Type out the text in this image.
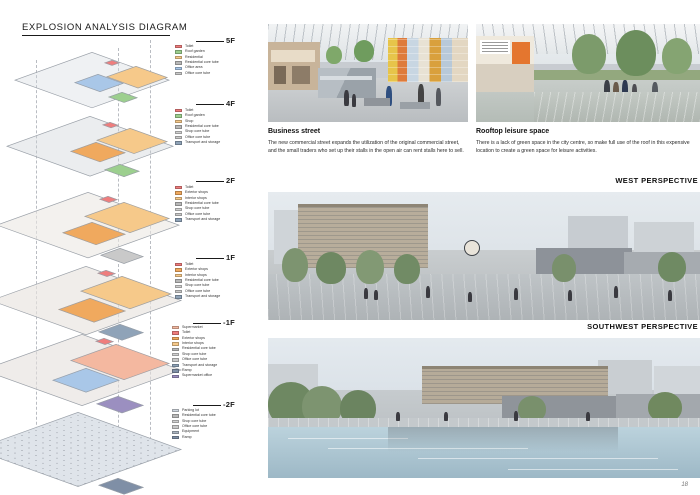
EXPLOSION ANALYSIS DIAGRAM
5F
4F
2F
1F
-1F
-2F
Toilet
Roof garden
Residential
Residential core tube
Office area
Office core tube
Toilet
Roof garden
Shop
Residential core tube
Shop core tube
Office core tube
Transport and storage
Toilet
Exterior shops
Interior shops
Residential core tube
Shop core tube
Office core tube
Transport and storage
Toilet
Exterior shops
Interior shops
Residential core tube
Shop core tube
Office core tube
Transport and storage
Supermarket
Toilet
Exterior shops
Interior shops
Residential core tube
Shop core tube
Office core tube
Transport and storage
Ramp
Supermarket office
Parking lot
Residential core tube
Shop core tube
Office core tube
Equipment
Ramp
Business street
The new commercial street expands the utilization of the original commercial street, and the small traders who set up their stalls in the open air can rent stalls here to sell.
Rooftop leisure space
There is a lack of green space in the city centre, so make full use of the roof in this expensive location to create a green space for leisure activities.
WEST PERSPECTIVE
SOUTHWEST PERSPECTIVE
18
